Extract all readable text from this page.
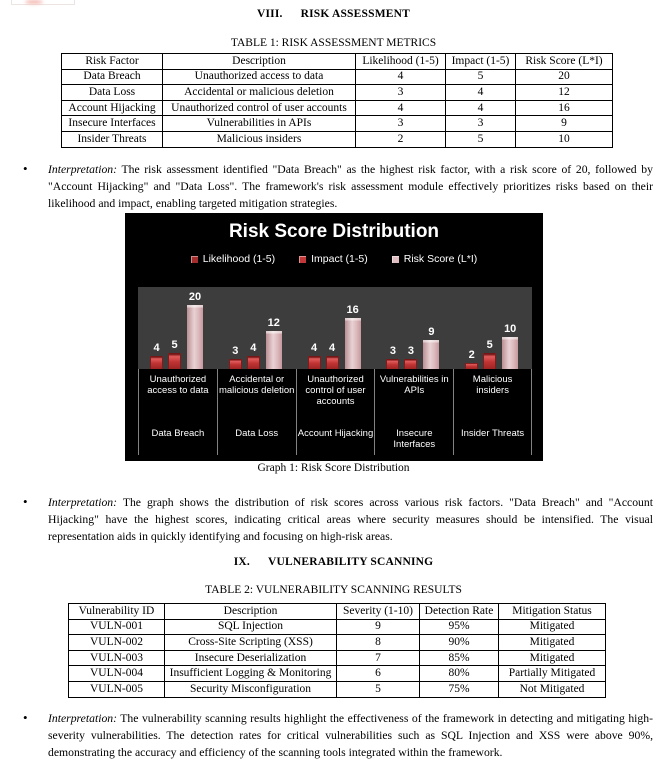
VIII. RISK ASSESSMENT
TABLE 1: RISK ASSESSMENT METRICS
Risk Factor	Description	Likelihood (1-5)	Impact (1-5)	Risk Score (L*I)
Data Breach	Unauthorized access to data	4	5	20
Data Loss	Accidental or malicious deletion	3	4	12
Account Hijacking	Unauthorized control of user accounts	4	4	16
Insecure Interfaces	Vulnerabilities in APIs	3	3	9
Insider Threats	Malicious insiders	2	5	10
• Interpretation: The risk assessment identified "Data Breach" as the highest risk factor, with a risk score of 20, followed by "Account Hijacking" and "Data Loss". The framework's risk assessment module effectively prioritizes risks based on their likelihood and impact, enabling targeted mitigation strategies.

Risk Score Distribution
Likelihood (1-5)	Impact (1-5)	Risk Score (L*I)
4	5
20
3	4
12
4	4
16
3	3
9
2
5
10
Unauthorized access to data
Data Breach
Accidental or malicious deletion
Data Loss
Unauthorized control of user accounts
Account Hijacking
Vulnerabilities in APIs
Insecure Interfaces
Malicious insiders
Insider Threats
Graph 1: Risk Score Distribution
• Interpretation: The graph shows the distribution of risk scores across various risk factors. "Data Breach" and "Account Hijacking" have the highest scores, indicating critical areas where security measures should be intensified. The visual representation aids in quickly identifying and focusing on high-risk areas.

IX. VULNERABILITY SCANNING
TABLE 2: VULNERABILITY SCANNING RESULTS
Vulnerability ID	Description	Severity (1-10)	Detection Rate	Mitigation Status
VULN-001	SQL Injection	9	95%	Mitigated
VULN-002	Cross-Site Scripting (XSS)	8	90%	Mitigated
VULN-003	Insecure Deserialization	7	85%	Mitigated
VULN-004	Insufficient Logging & Monitoring	6	80%	Partially Mitigated
VULN-005	Security Misconfiguration	5	75%	Not Mitigated
• Interpretation: The vulnerability scanning results highlight the effectiveness of the framework in detecting and mitigating high-severity vulnerabilities. The detection rates for critical vulnerabilities such as SQL Injection and XSS were above 90%, demonstrating the accuracy and efficiency of the scanning tools integrated within the framework.
